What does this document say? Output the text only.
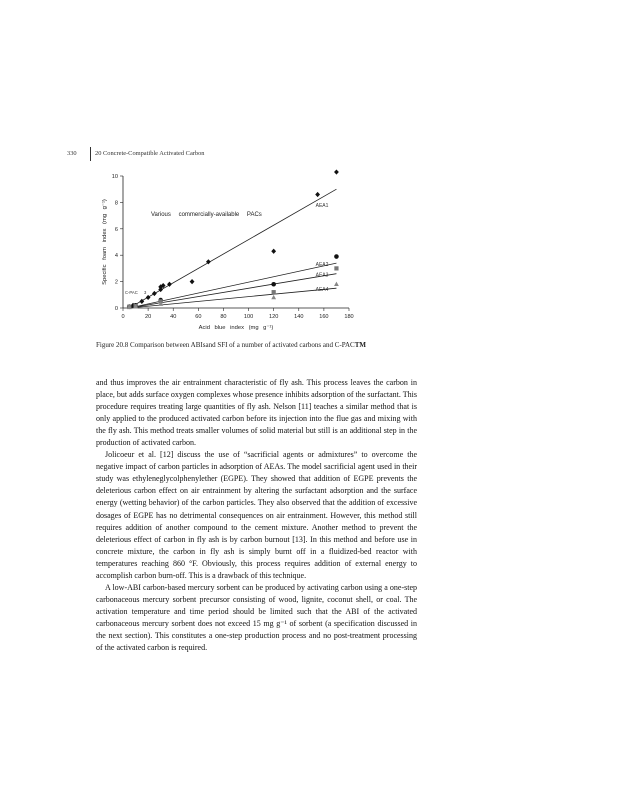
330	20 Concrete-Compatible Activated Carbon
0	20	40	60	80	100	120	140	160	180
0
2
4
6
8
10
Acid blue index (mg g⁻¹)
Specific foam index (mg g⁻¹)	Various commercially-available PACs
AEA1
AEA2
AEA3
AEA4
C-PAC 3
Figure 20.8 Comparison between ABIsand SFI of a number of activated carbons and C-PACTM

and thus improves the air entrainment characteristic of fly ash. This process leaves the carbon in place, but adds surface oxygen complexes whose presence inhibits adsorption of the surfactant. This procedure requires treating large quantities of fly ash. Nelson [11] teaches a similar method that is only applied to the produced activated carbon before its injection into the flue gas and mixing with the fly ash. This method treats smaller volumes of solid material but still is an additional step in the production of activated carbon.

Jolicoeur et al. [12] discuss the use of “sacrificial agents or admixtures” to overcome the negative impact of carbon particles in adsorption of AEAs. The model sacrificial agent used in their study was ethyleneglycolphenylether (EGPE). They showed that addition of EGPE prevents the deleterious carbon effect on air entrainment by altering the surfactant adsorption and the surface energy (wetting behavior) of the carbon particles. They also observed that the addition of excessive dosages of EGPE has no detrimental consequences on air entrainment. However, this method still requires addition of another compound to the cement mixture. Another method to prevent the deleterious effect of carbon in fly ash is by carbon burnout [13]. In this method and before use in concrete mixture, the carbon in fly ash is simply burnt off in a fluidized-bed reactor with temperatures reaching 860 °F. Obviously, this process requires addition of external energy to accomplish carbon burn-off. This is a drawback of this technique.

A low-ABI carbon-based mercury sorbent can be produced by activating carbon using a one-step carbonaceous mercury sorbent precursor consisting of wood, lignite, coconut shell, or coal. The activation temperature and time period should be limited such that the ABI of the activated carbonaceous mercury sorbent does not exceed 15 mg g⁻¹ of sorbent (a specification discussed in the next section). This constitutes a one-step production process and no post-treatment processing of the activated carbon is required.
